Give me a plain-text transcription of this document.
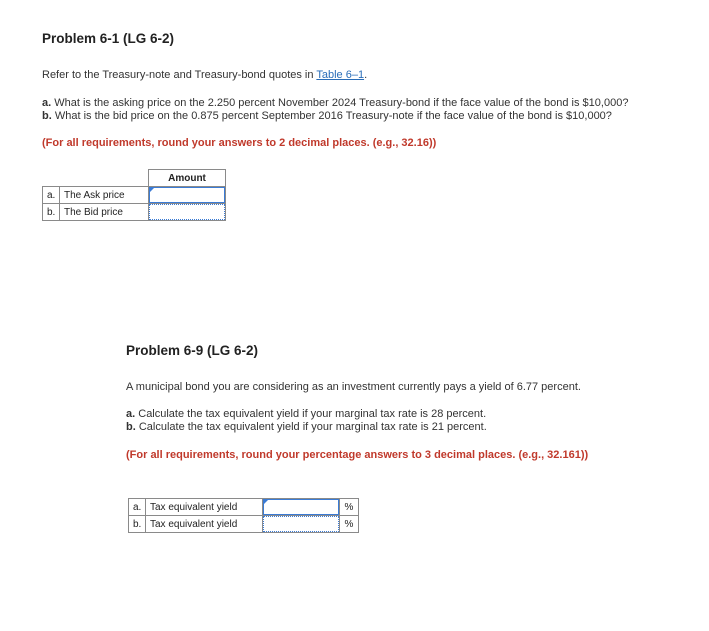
Problem 6-1 (LG 6-2)
Refer to the Treasury-note and Treasury-bond quotes in Table 6–1.
a. What is the asking price on the 2.250 percent November 2024 Treasury-bond if the face value of the bond is $10,000?
b. What is the bid price on the 0.875 percent September 2016 Treasury-note if the face value of the bond is $10,000?
(For all requirements, round your answers to 2 decimal places. (e.g., 32.16))
		Amount
a.	The Ask price	

b.	The Bid price	
Problem 6-9 (LG 6-2)
A municipal bond you are considering as an investment currently pays a yield of 6.77 percent.
a. Calculate the tax equivalent yield if your marginal tax rate is 28 percent.
b. Calculate the tax equivalent yield if your marginal tax rate is 21 percent.
(For all requirements, round your percentage answers to 3 decimal places. (e.g., 32.161))
a.	Tax equivalent yield		%
b.	Tax equivalent yield		%
